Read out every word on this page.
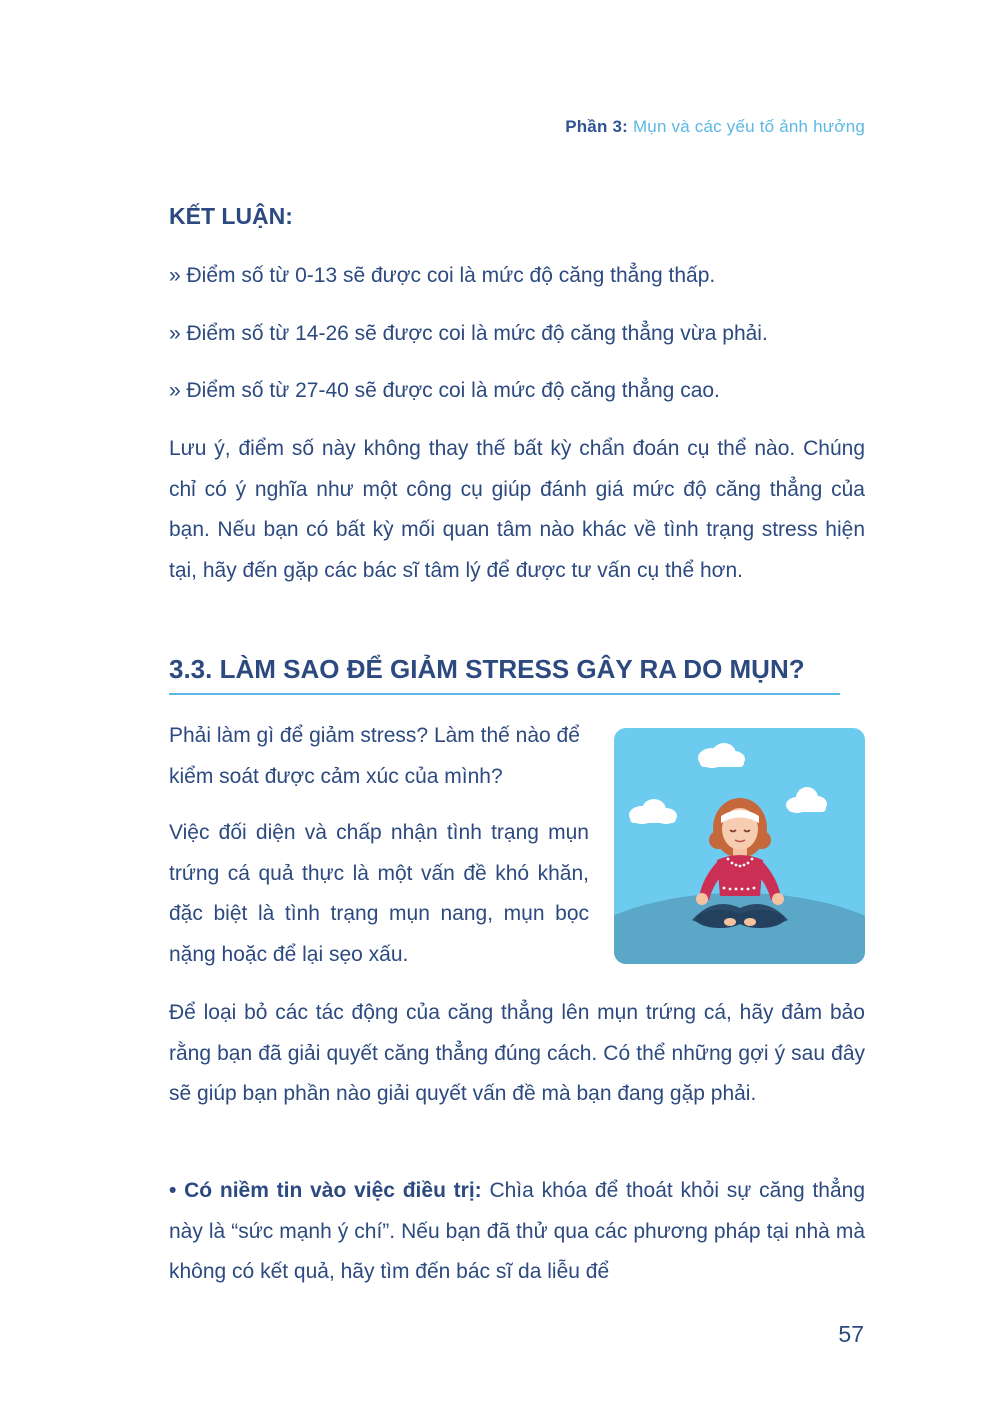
Phần 3: Mụn và các yếu tố ảnh hưởng
KẾT LUẬN:
» Điểm số từ 0-13 sẽ được coi là mức độ căng thẳng thấp.
» Điểm số từ 14-26 sẽ được coi là mức độ căng thẳng vừa phải.
» Điểm số từ 27-40 sẽ được coi là mức độ căng thẳng cao.

Lưu ý, điểm số này không thay thế bất kỳ chẩn đoán cụ thể nào. Chúng chỉ có ý nghĩa như một công cụ giúp đánh giá mức độ căng thẳng của bạn. Nếu bạn có bất kỳ mối quan tâm nào khác về tình trạng stress hiện tại, hãy đến gặp các bác sĩ tâm lý để được tư vấn cụ thể hơn.

3.3. LÀM SAO ĐỂ GIẢM STRESS GÂY RA DO MỤN?

Phải làm gì để giảm stress? Làm thế nào để kiểm soát được cảm xúc của mình?

Việc đối diện và chấp nhận tình trạng mụn trứng cá quả thực là một vấn đề khó khăn, đặc biệt là tình trạng mụn nang, mụn bọc nặng hoặc để lại sẹo xấu.

Để loại bỏ các tác động của căng thẳng lên mụn trứng cá, hãy đảm bảo rằng bạn đã giải quyết căng thẳng đúng cách. Có thể những gợi ý sau đây sẽ giúp bạn phần nào giải quyết vấn đề mà bạn đang gặp phải.

• Có niềm tin vào việc điều trị: Chìa khóa để thoát khỏi sự căng thẳng này là “sức mạnh ý chí”. Nếu bạn đã thử qua các phương pháp tại nhà mà không có kết quả, hãy tìm đến bác sĩ da liễu để

57
